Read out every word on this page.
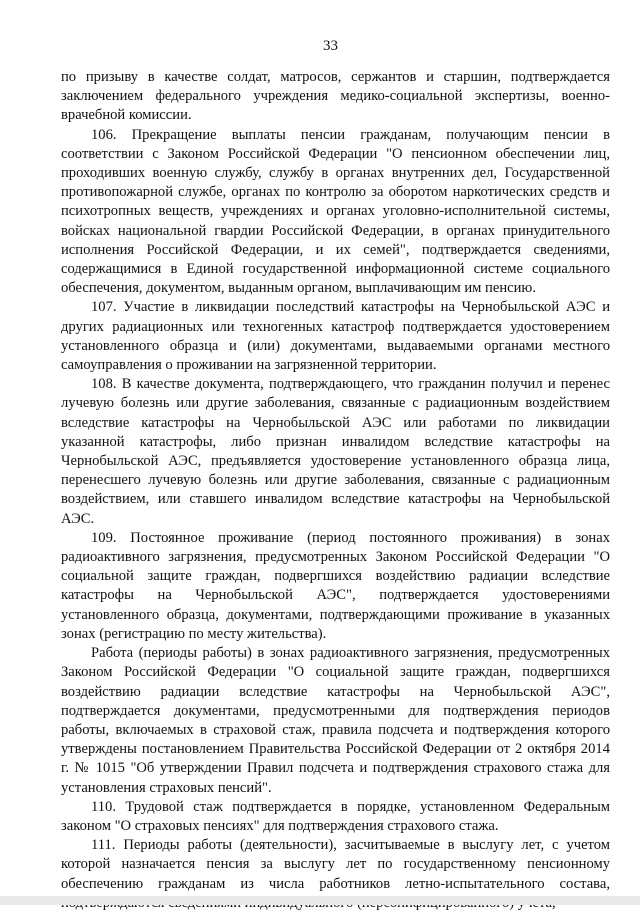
33

по призыву в качестве солдат, матросов, сержантов и старшин, подтверждается заключением федерального учреждения медико-социальной экспертизы, военно-врачебной комиссии.

106. Прекращение выплаты пенсии гражданам, получающим пенсии в соответствии с Законом Российской Федерации "О пенсионном обеспечении лиц, проходивших военную службу, службу в органах внутренних дел, Государственной противопожарной службе, органах по контролю за оборотом наркотических средств и психотропных веществ, учреждениях и органах уголовно-исполнительной системы, войсках национальной гвардии Российской Федерации, в органах принудительного исполнения Российской Федерации, и их семей", подтверждается сведениями, содержащимися в Единой государственной информационной системе социального обеспечения, документом, выданным органом, выплачивающим им пенсию.

107. Участие в ликвидации последствий катастрофы на Чернобыльской АЭС и других радиационных или техногенных катастроф подтверждается удостоверением установленного образца и (или) документами, выдаваемыми органами местного самоуправления о проживании на загрязненной территории.

108. В качестве документа, подтверждающего, что гражданин получил и перенес лучевую болезнь или другие заболевания, связанные с радиационным воздействием вследствие катастрофы на Чернобыльской АЭС или работами по ликвидации указанной катастрофы, либо признан инвалидом вследствие катастрофы на Чернобыльской АЭС, предъявляется удостоверение установленного образца лица, перенесшего лучевую болезнь или другие заболевания, связанные с радиационным воздействием, или ставшего инвалидом вследствие катастрофы на Чернобыльской АЭС.

109. Постоянное проживание (период постоянного проживания) в зонах радиоактивного загрязнения, предусмотренных Законом Российской Федерации "О социальной защите граждан, подвергшихся воздействию радиации вследствие катастрофы на Чернобыльской АЭС", подтверждается удостоверениями установленного образца, документами, подтверждающими проживание в указанных зонах (регистрацию по месту жительства).

Работа (периоды работы) в зонах радиоактивного загрязнения, предусмотренных Законом Российской Федерации "О социальной защите граждан, подвергшихся воздействию радиации вследствие катастрофы на Чернобыльской АЭС", подтверждается документами, предусмотренными для подтверждения периодов работы, включаемых в страховой стаж, правила подсчета и подтверждения которого утверждены постановлением Правительства Российской Федерации от 2 октября 2014 г. № 1015 "Об утверждении Правил подсчета и подтверждения страхового стажа для установления страховых пенсий".

110. Трудовой стаж подтверждается в порядке, установленном Федеральным законом "О страховых пенсиях" для подтверждения страхового стажа.

111. Периоды работы (деятельности), засчитываемые в выслугу лет, с учетом которой назначается пенсия за выслугу лет по государственному пенсионному обеспечению гражданам из числа работников летно-испытательного состава,
